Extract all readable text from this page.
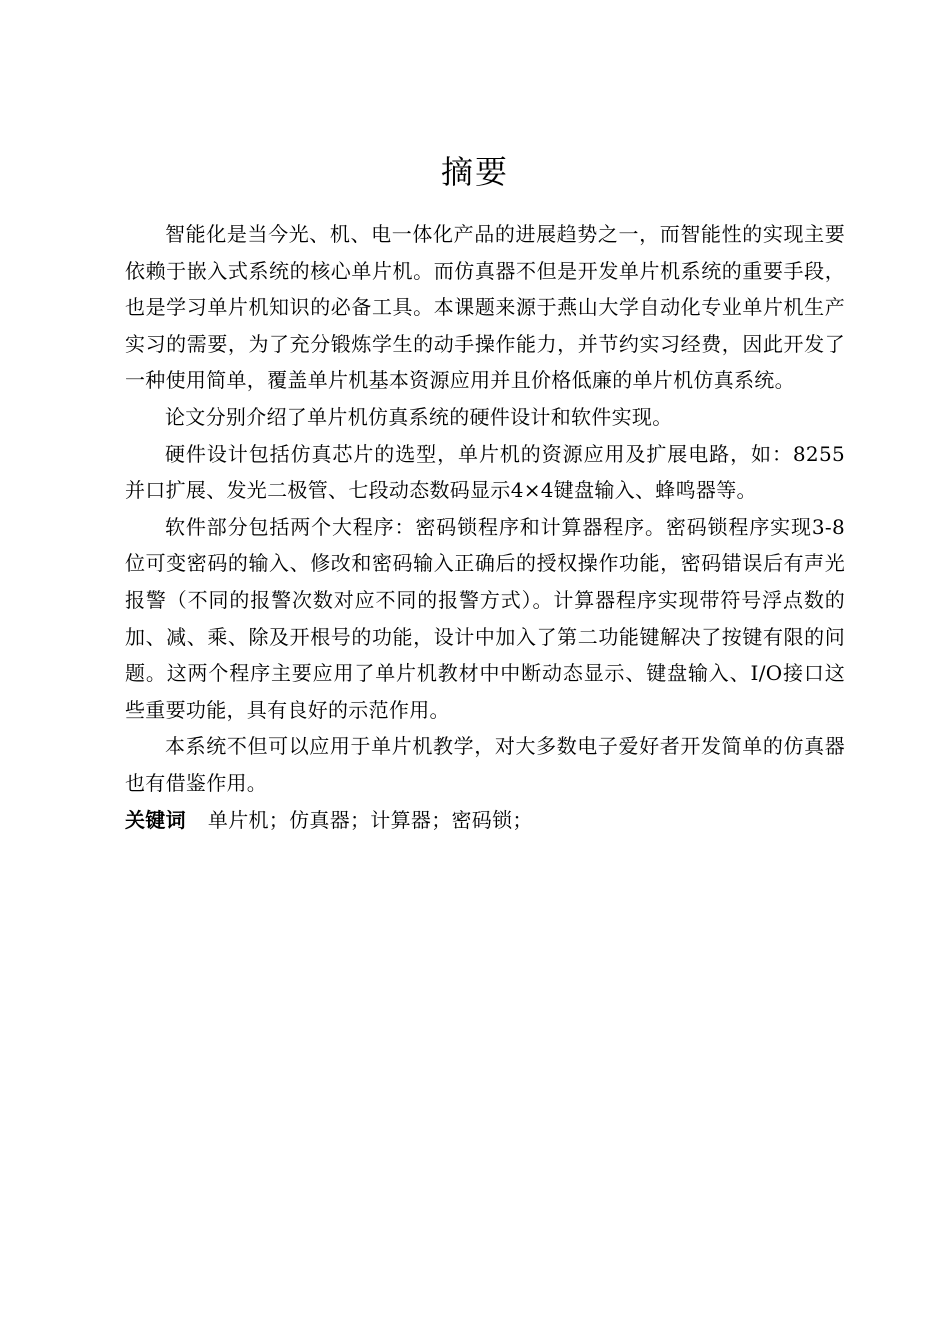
摘要

智能化是当今光、机、电一体化产品的进展趋势之一，而智能性的实现主要依赖于嵌入式系统的核心单片机。而仿真器不但是开发单片机系统的重要手段，也是学习单片机知识的必备工具。本课题来源于燕山大学自动化专业单片机生产实习的需要，为了充分锻炼学生的动手操作能力，并节约实习经费，因此开发了一种使用简单，覆盖单片机基本资源应用并且价格低廉的单片机仿真系统。

论文分别介绍了单片机仿真系统的硬件设计和软件实现。

硬件设计包括仿真芯片的选型，单片机的资源应用及扩展电路，如：8255并口扩展、发光二极管、七段动态数码显示4×4键盘输入、蜂鸣器等。

软件部分包括两个大程序：密码锁程序和计算器程序。密码锁程序实现3-8位可变密码的输入、修改和密码输入正确后的授权操作功能，密码错误后有声光报警（不同的报警次数对应不同的报警方式）。计算器程序实现带符号浮点数的加、减、乘、除及开根号的功能，设计中加入了第二功能键解决了按键有限的问题。这两个程序主要应用了单片机教材中中断动态显示、键盘输入、I/O接口这些重要功能，具有良好的示范作用。

本系统不但可以应用于单片机教学，对大多数电子爱好者开发简单的仿真器也有借鉴作用。

关键词 单片机；仿真器；计算器；密码锁；
